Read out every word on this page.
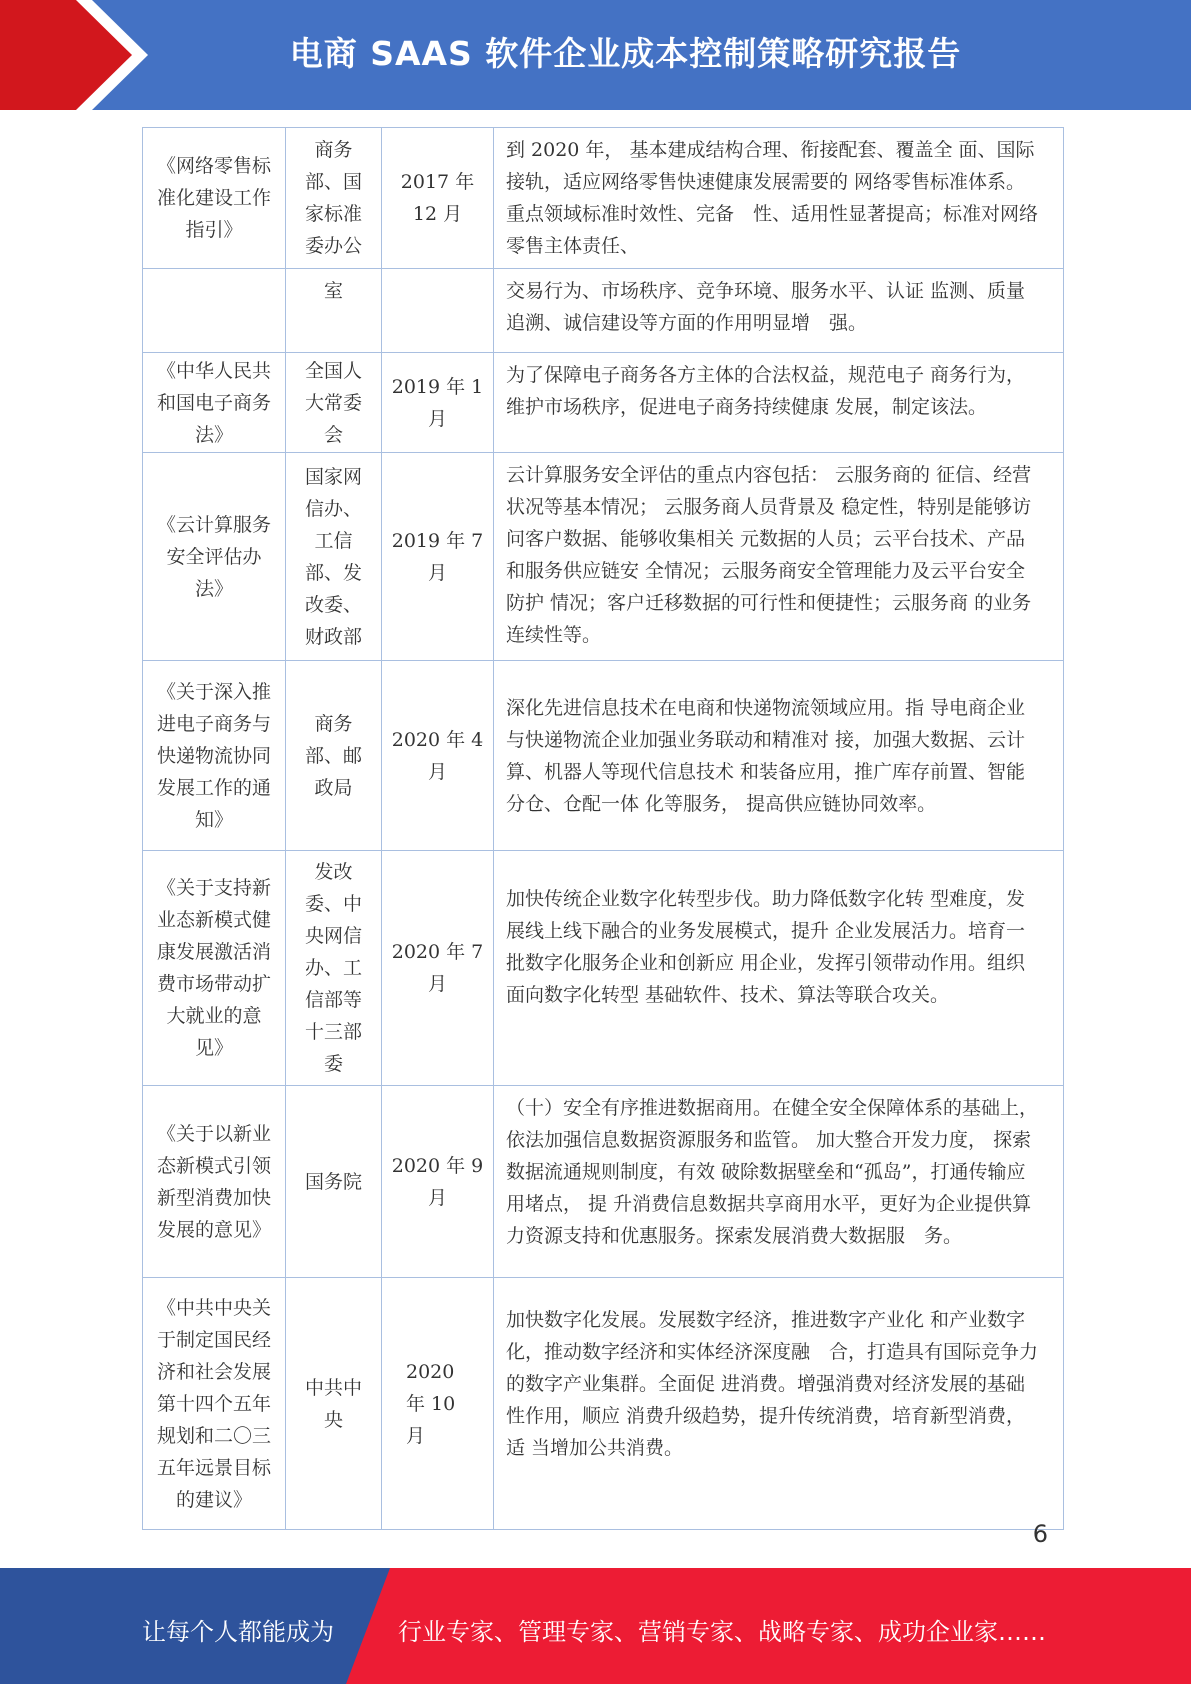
电商 SAAS 软件企业成本控制策略研究报告
《网络零售标准化建设工作指引》	商务部、国家标准委办公	2017 年
12 月	到 2020 年， 基本建成结构合理、衔接配套、覆盖全 面、国际接轨，适应网络零售快速健康发展需要的 网络零售标准体系。重点领域标准时效性、完备　性、适用性显著提高；标准对网络零售主体责任、
	室		交易行为、市场秩序、竞争环境、服务水平、认证 监测、质量追溯、诚信建设等方面的作用明显增　强。
《中华人民共和国电子商务法》	全国人大常委会	2019 年 1 月	为了保障电子商务各方主体的合法权益，规范电子 商务行为， 维护市场秩序，促进电子商务持续健康 发展，制定该法。
《云计算服务安全评估办法》	国家网信办、工信部、发改委、财政部	2019 年 7 月	云计算服务安全评估的重点内容包括： 云服务商的 征信、经营状况等基本情况； 云服务商人员背景及 稳定性，特别是能够访问客户数据、能够收集相关 元数据的人员；云平台技术、产品和服务供应链安 全情况；云服务商安全管理能力及云平台安全防护 情况；客户迁移数据的可行性和便捷性；云服务商 的业务连续性等。
《关于深入推进电子商务与快递物流协同发展工作的通知》	商务部、邮政局	2020 年 4 月	深化先进信息技术在电商和快递物流领域应用。指 导电商企业与快递物流企业加强业务联动和精准对 接，加强大数据、云计算、机器人等现代信息技术 和装备应用，推广库存前置、智能分仓、仓配一体 化等服务， 提高供应链协同效率。
《关于支持新业态新模式健康发展激活消费市场带动扩大就业的意见》	发改委、中央网信办、工信部等十三部委	2020 年 7 月	加快传统企业数字化转型步伐。助力降低数字化转 型难度，发展线上线下融合的业务发展模式，提升 企业发展活力。培育一批数字化服务企业和创新应 用企业，发挥引领带动作用。组织面向数字化转型 基础软件、技术、算法等联合攻关。
《关于以新业态新模式引领新型消费加快发展的意见》	国务院	2020 年 9 月	（十）安全有序推进数据商用。在健全安全保障体系的基础上，依法加强信息数据资源服务和监管。 加大整合开发力度， 探索数据流通规则制度，有效 破除数据壁垒和“孤岛”，打通传输应用堵点， 提 升消费信息数据共享商用水平，更好为企业提供算 力资源支持和优惠服务。探索发展消费大数据服　务。
《中共中央关于制定国民经济和社会发展第十四个五年规划和二〇三五年远景目标的建议》	中共中央	2020
年 10
月	加快数字化发展。发展数字经济，推进数字产业化 和产业数字化，推动数字经济和实体经济深度融　合，打造具有国际竞争力的数字产业集群。全面促 进消费。增强消费对经济发展的基础性作用，顺应 消费升级趋势，提升传统消费，培育新型消费， 适 当增加公共消费。
6
让每个人都能成为	行业专家、管理专家、营销专家、战略专家、成功企业家……
